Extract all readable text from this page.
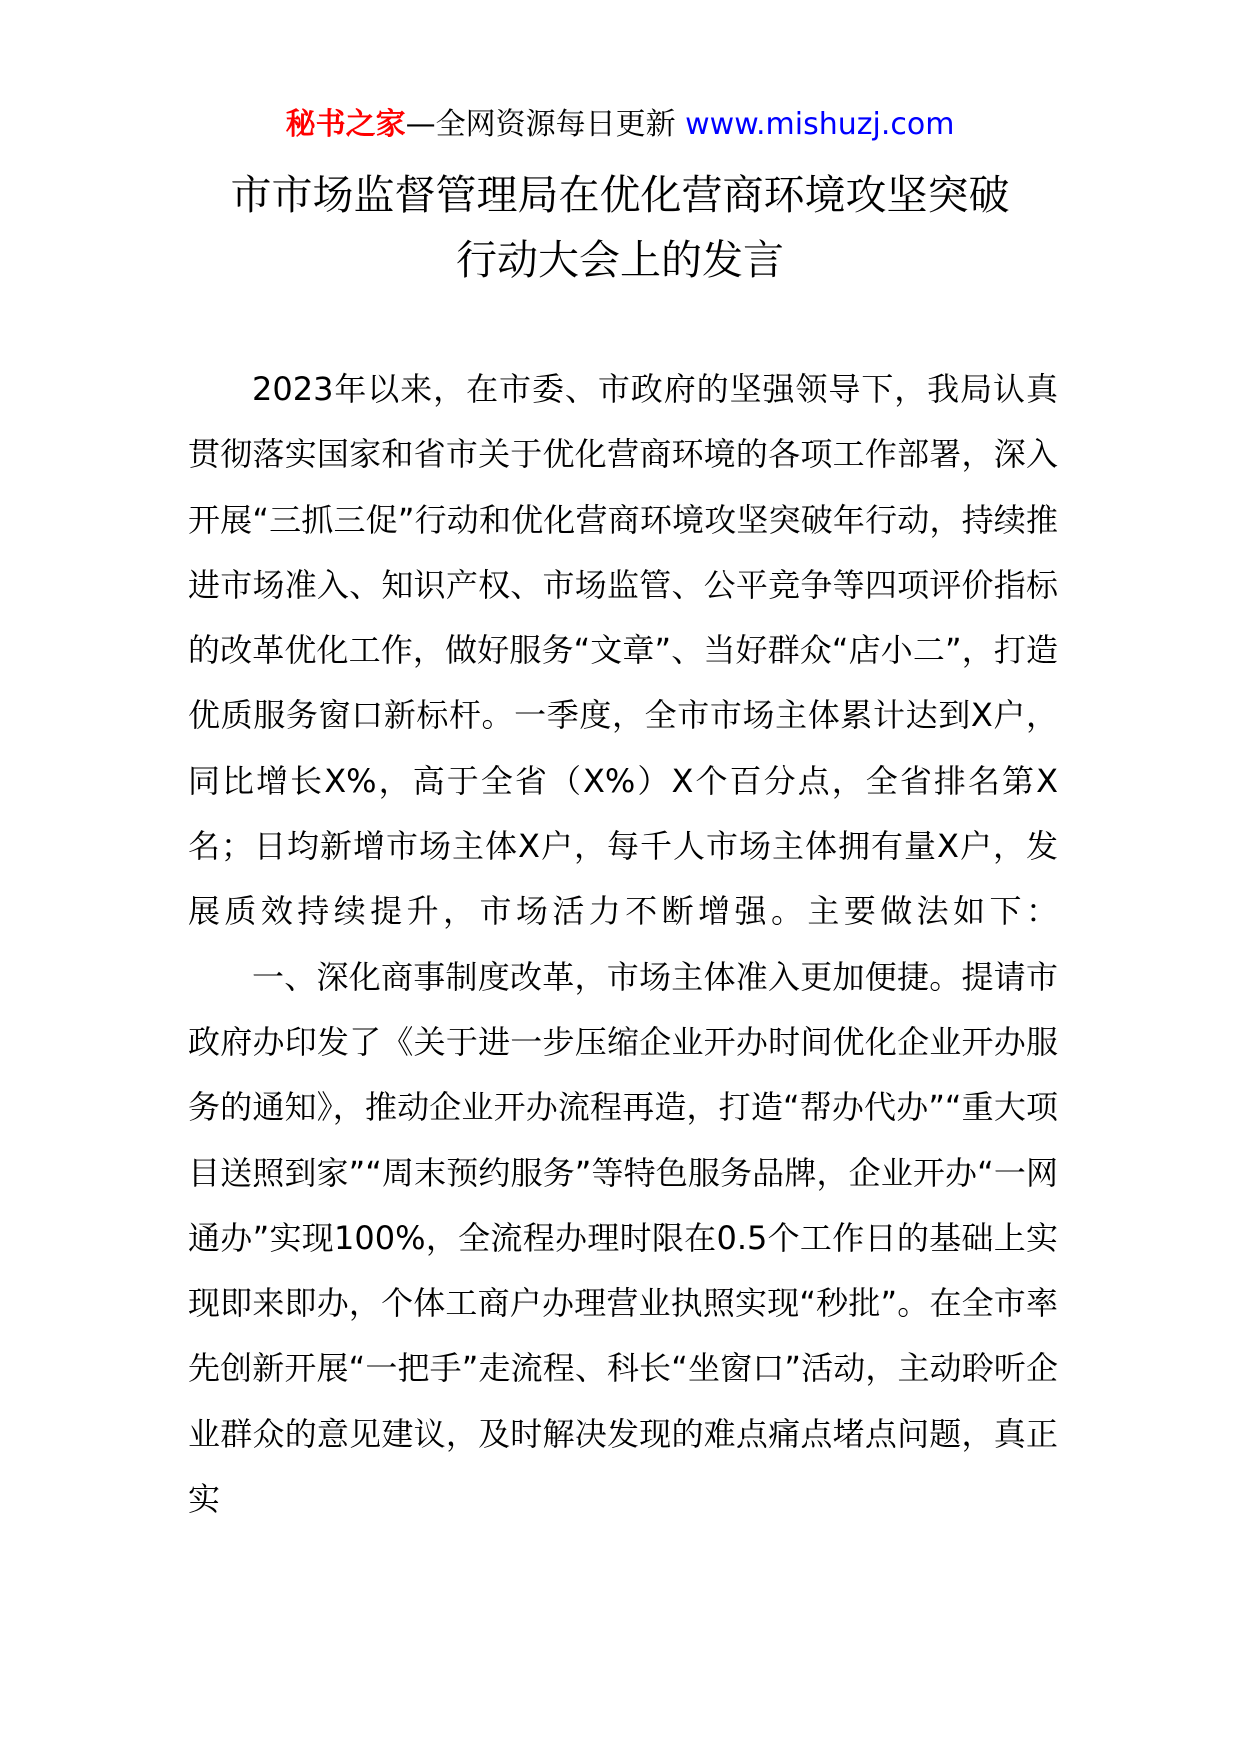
秘书之家—全网资源每日更新 www.mishuzj.com
市市场监督管理局在优化营商环境攻坚突破
行动大会上的发言

2023年以来，在市委、市政府的坚强领导下，我局认真贯彻落实国家和省市关于优化营商环境的各项工作部署，深入开展“三抓三促”行动和优化营商环境攻坚突破年行动，持续推进市场准入、知识产权、市场监管、公平竞争等四项评价指标的改革优化工作，做好服务“文章”、当好群众“店小二”，打造优质服务窗口新标杆。一季度，全市市场主体累计达到X户，同比增长X%，高于全省（X%）X个百分点，全省排名第X名；日均新增市场主体X户，每千人市场主体拥有量X户，发展质效持续提升，市场活力不断增强。主要做法如下：

一、深化商事制度改革，市场主体准入更加便捷。提请市政府办印发了《关于进一步压缩企业开办时间优化企业开办服务的通知》，推动企业开办流程再造，打造“帮办代办”“重大项目送照到家”“周末预约服务”等特色服务品牌，企业开办“一网通办”实现100%，全流程办理时限在0.5个工作日的基础上实现即来即办，个体工商户办理营业执照实现“秒批”。在全市率先创新开展“一把手”走流程、科长“坐窗口”活动，主动聆听企业群众的意见建议，及时解决发现的难点痛点堵点问题，真正实
